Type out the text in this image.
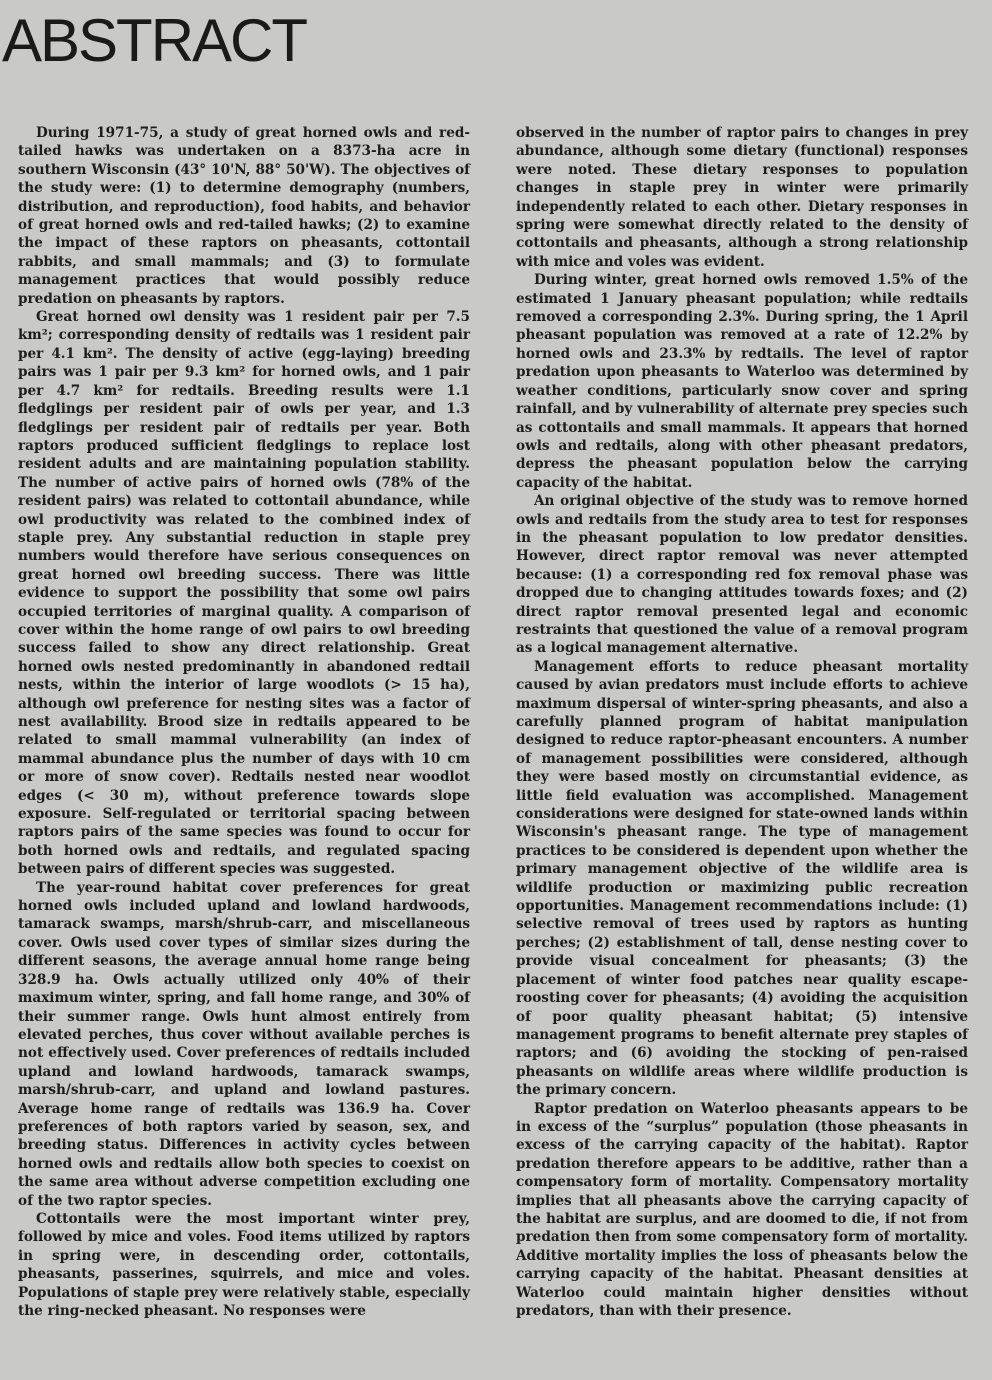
ABSTRACT

During 1971-75, a study of great horned owls and red-tailed hawks was undertaken on a 8373-ha acre in southern Wisconsin (43° 10'N, 88° 50'W). The objectives of the study were: (1) to determine demography (numbers, distribution, and reproduction), food habits, and behavior of great horned owls and red-tailed hawks; (2) to examine the impact of these raptors on pheasants, cottontail rabbits, and small mammals; and (3) to formulate management practices that would possibly reduce predation on pheasants by raptors.

Great horned owl density was 1 resident pair per 7.5 km²; corresponding density of redtails was 1 resident pair per 4.1 km². The density of active (egg-laying) breeding pairs was 1 pair per 9.3 km² for horned owls, and 1 pair per 4.7 km² for redtails. Breeding results were 1.1 fledglings per resident pair of owls per year, and 1.3 fledglings per resident pair of redtails per year. Both raptors produced sufficient fledglings to replace lost resident adults and are maintaining population stability. The number of active pairs of horned owls (78% of the resident pairs) was related to cottontail abundance, while owl productivity was related to the combined index of staple prey. Any substantial reduction in staple prey numbers would therefore have serious consequences on great horned owl breeding success. There was little evidence to support the possibility that some owl pairs occupied territories of marginal quality. A comparison of cover within the home range of owl pairs to owl breeding success failed to show any direct relationship. Great horned owls nested predominantly in abandoned redtail nests, within the interior of large woodlots (> 15 ha), although owl preference for nesting sites was a factor of nest availability. Brood size in redtails appeared to be related to small mammal vulnerability (an index of mammal abundance plus the number of days with 10 cm or more of snow cover). Redtails nested near woodlot edges (< 30 m), without preference towards slope exposure. Self-regulated or territorial spacing between raptors pairs of the same species was found to occur for both horned owls and redtails, and regulated spacing between pairs of different species was suggested.

The year-round habitat cover preferences for great horned owls included upland and lowland hardwoods, tamarack swamps, marsh/shrub-carr, and miscellaneous cover. Owls used cover types of similar sizes during the different seasons, the average annual home range being 328.9 ha. Owls actually utilized only 40% of their maximum winter, spring, and fall home range, and 30% of their summer range. Owls hunt almost entirely from elevated perches, thus cover without available perches is not effectively used. Cover preferences of redtails included upland and lowland hardwoods, tamarack swamps, marsh/shrub-carr, and upland and lowland pastures. Average home range of redtails was 136.9 ha. Cover preferences of both raptors varied by season, sex, and breeding status. Differences in activity cycles between horned owls and redtails allow both species to coexist on the same area without adverse competition excluding one of the two raptor species.

Cottontails were the most important winter prey, followed by mice and voles. Food items utilized by raptors in spring were, in descending order, cottontails, pheasants, passerines, squirrels, and mice and voles. Populations of staple prey were relatively stable, especially the ring-necked pheasant. No responses were

observed in the number of raptor pairs to changes in prey abundance, although some dietary (functional) responses were noted. These dietary responses to population changes in staple prey in winter were primarily independently related to each other. Dietary responses in spring were somewhat directly related to the density of cottontails and pheasants, although a strong relationship with mice and voles was evident.

During winter, great horned owls removed 1.5% of the estimated 1 January pheasant population; while redtails removed a corresponding 2.3%. During spring, the 1 April pheasant population was removed at a rate of 12.2% by horned owls and 23.3% by redtails. The level of raptor predation upon pheasants to Waterloo was determined by weather conditions, particularly snow cover and spring rainfall, and by vulnerability of alternate prey species such as cottontails and small mammals. It appears that horned owls and redtails, along with other pheasant predators, depress the pheasant population below the carrying capacity of the habitat.

An original objective of the study was to remove horned owls and redtails from the study area to test for responses in the pheasant population to low predator densities. However, direct raptor removal was never attempted because: (1) a corresponding red fox removal phase was dropped due to changing attitudes towards foxes; and (2) direct raptor removal presented legal and economic restraints that questioned the value of a removal program as a logical management alternative.

Management efforts to reduce pheasant mortality caused by avian predators must include efforts to achieve maximum dispersal of winter-spring pheasants, and also a carefully planned program of habitat manipulation designed to reduce raptor-pheasant encounters. A number of management possibilities were considered, although they were based mostly on circumstantial evidence, as little field evaluation was accomplished. Management considerations were designed for state-owned lands within Wisconsin's pheasant range. The type of management practices to be considered is dependent upon whether the primary management objective of the wildlife area is wildlife production or maximizing public recreation opportunities. Management recommendations include: (1) selective removal of trees used by raptors as hunting perches; (2) establishment of tall, dense nesting cover to provide visual concealment for pheasants; (3) the placement of winter food patches near quality escape-roosting cover for pheasants; (4) avoiding the acquisition of poor quality pheasant habitat; (5) intensive management programs to benefit alternate prey staples of raptors; and (6) avoiding the stocking of pen-raised pheasants on wildlife areas where wildlife production is the primary concern.

Raptor predation on Waterloo pheasants appears to be in excess of the “surplus” population (those pheasants in excess of the carrying capacity of the habitat). Raptor predation therefore appears to be additive, rather than a compensatory form of mortality. Compensatory mortality implies that all pheasants above the carrying capacity of the habitat are surplus, and are doomed to die, if not from predation then from some compensatory form of mortality. Additive mortality implies the loss of pheasants below the carrying capacity of the habitat. Pheasant densities at Waterloo could maintain higher densities without predators, than with their presence.
